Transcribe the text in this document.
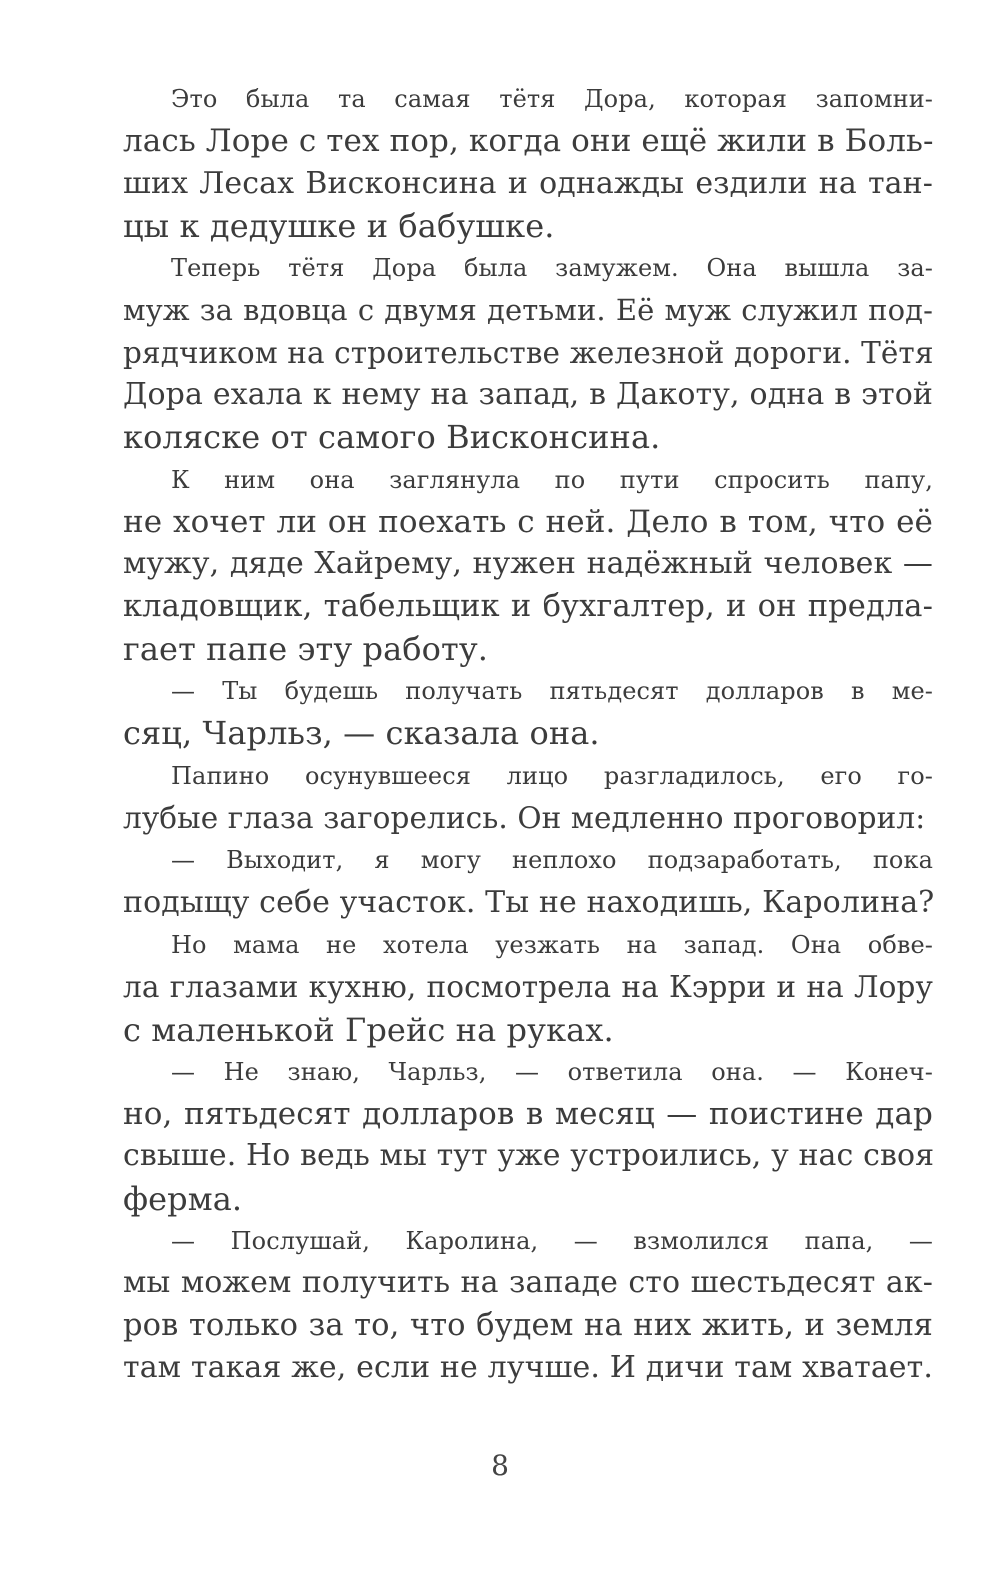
Это была та самая тётя Дора, которая запомни-
лась Лоре с тех пор, когда они ещё жили в Боль-
ших Лесах Висконсина и однажды ездили на тан-
цы к дедушке и бабушке.
Теперь тётя Дора была замужем. Она вышла за-
муж за вдовца с двумя детьми. Её муж служил под-
рядчиком на строительстве железной дороги. Тётя
Дора ехала к нему на запад, в Дакоту, одна в этой
коляске от самого Висконсина.
К ним она заглянула по пути спросить папу,
не хочет ли он поехать с ней. Дело в том, что её
мужу, дяде Хайрему, нужен надёжный человек —
кладовщик, табельщик и бухгалтер, и он предла-
гает папе эту работу.
— Ты будешь получать пятьдесят долларов в ме-
сяц, Чарльз, — сказала она.
Папино осунувшееся лицо разгладилось, его го-
лубые глаза загорелись. Он медленно проговорил:
— Выходит, я могу неплохо подзаработать, пока
подыщу себе участок. Ты не находишь, Каролина?
Но мама не хотела уезжать на запад. Она обве-
ла глазами кухню, посмотрела на Кэрри и на Лору
с маленькой Грейс на руках.
— Не знаю, Чарльз, — ответила она. — Конеч-
но, пятьдесят долларов в месяц — поистине дар
свыше. Но ведь мы тут уже устроились, у нас своя
ферма.
— Послушай, Каролина, — взмолился папа, —
мы можем получить на западе сто шестьдесят ак-
ров только за то, что будем на них жить, и земля
там такая же, если не лучше. И дичи там хватает.
8
